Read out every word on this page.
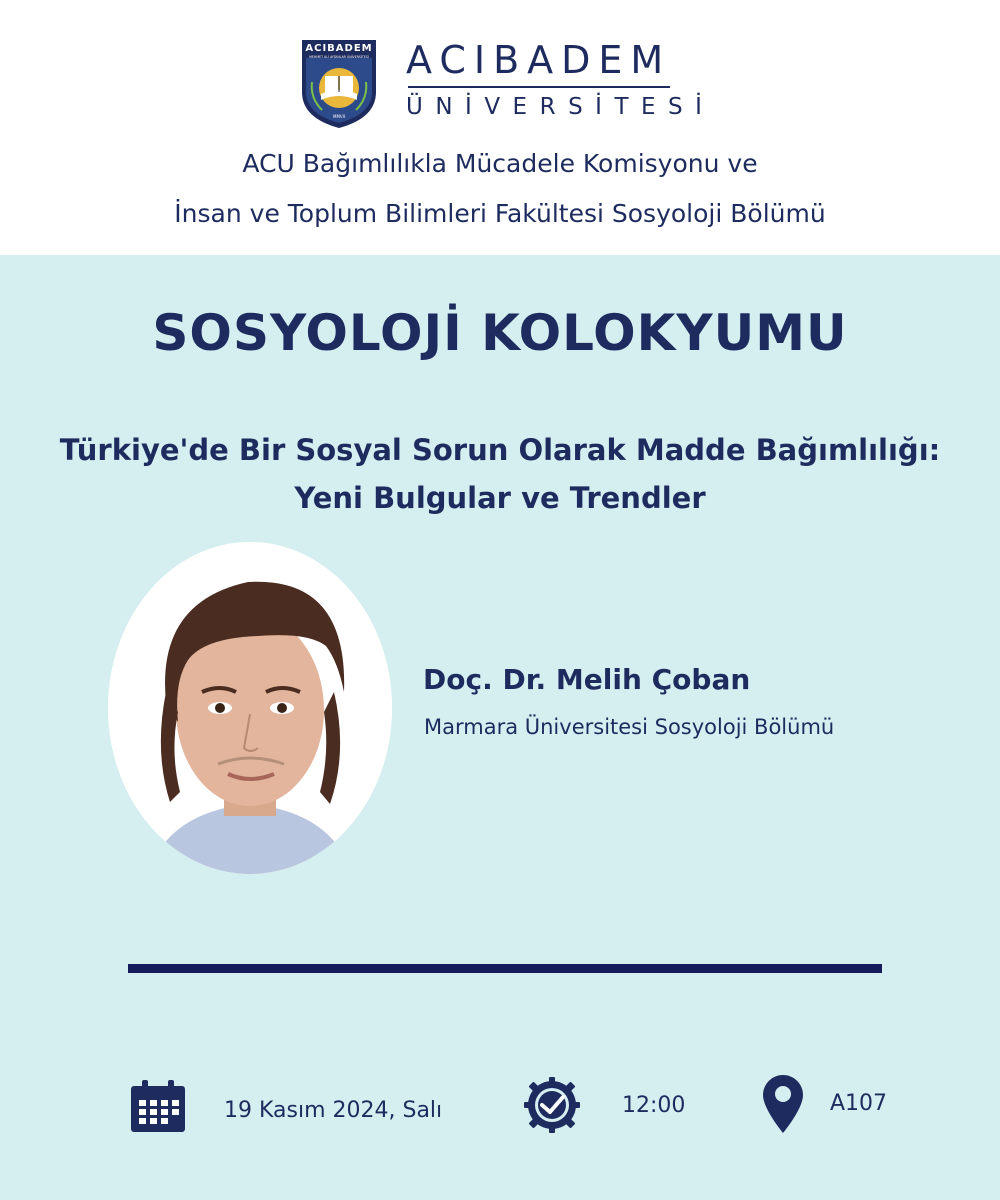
ACIBADEM
MEHMET ALİ AYDINLAR ÜNİVERSİTESİ
MMVII
ACIBADEM
ÜNİVERSİTESİ
ACU Bağımlılıkla Mücadele Komisyonu ve
İnsan ve Toplum Bilimleri Fakültesi Sosyoloji Bölümü
SOSYOLOJİ KOLOKYUMU
Türkiye'de Bir Sosyal Sorun Olarak Madde Bağımlılığı:
Yeni Bulgular ve Trendler
Doç. Dr. Melih Çoban
Marmara Üniversitesi Sosyoloji Bölümü
19 Kasım 2024, Salı	12:00	A107
